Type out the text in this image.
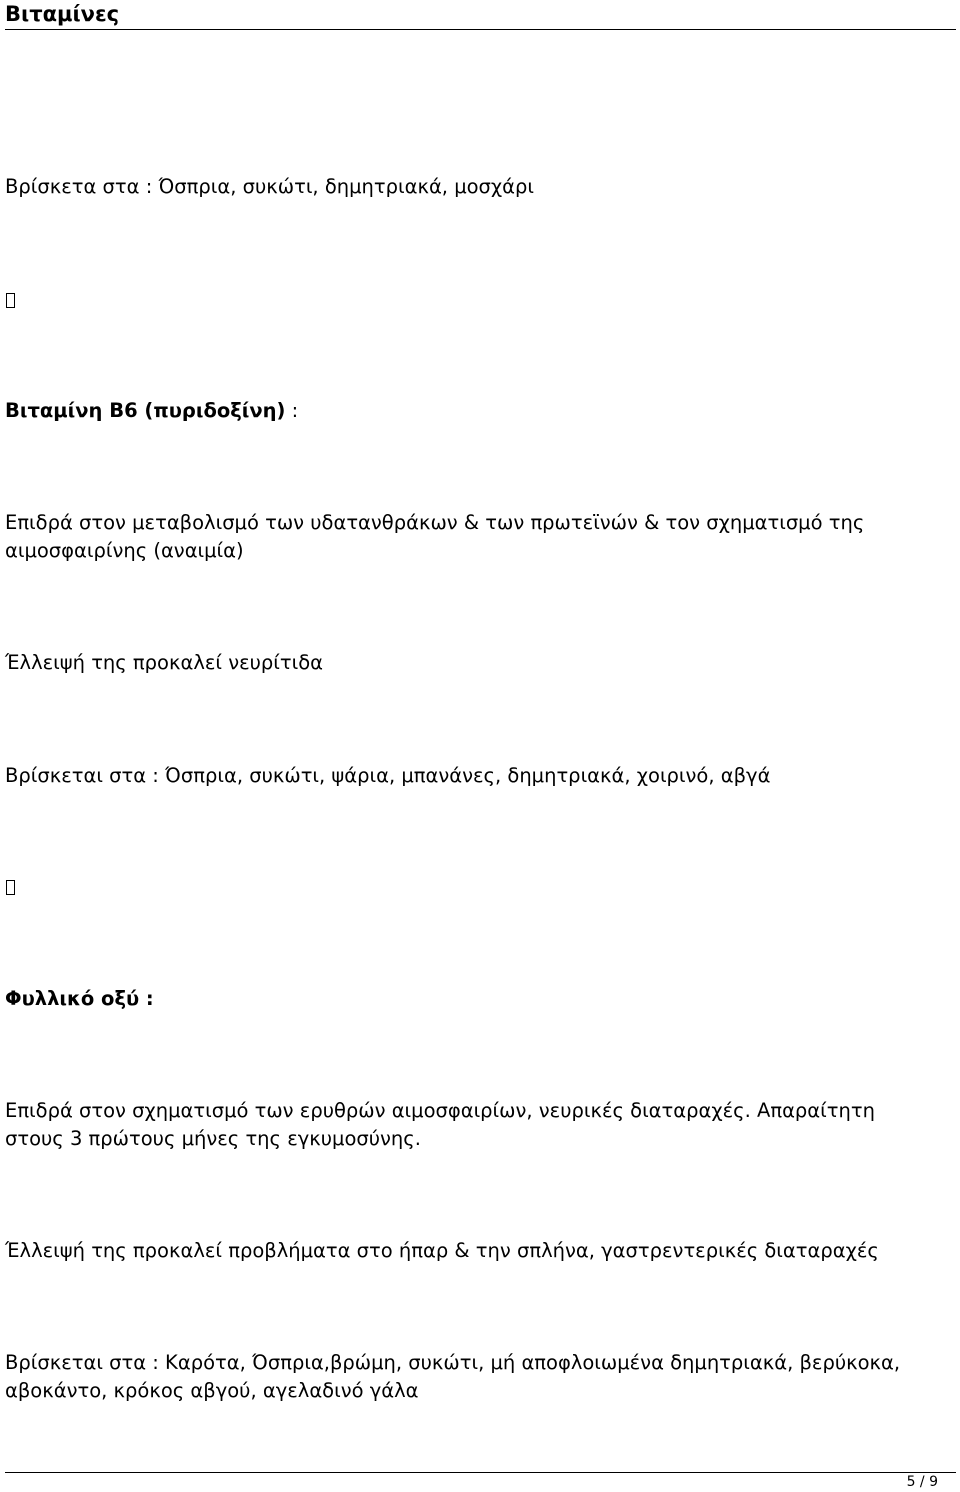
Βιταμίνες
Βρίσκετα στα : Όσπρια, συκώτι, δημητριακά, μοσχάρι
Βιταμίνη Β6 (πυριδοξίνη) :
Επιδρά στον μεταβολισμό των υδατανθράκων & των πρωτεϊνών & τον σχηματισμό της
αιμοσφαιρίνης (αναιμία)
Έλλειψή της προκαλεί νευρίτιδα
Βρίσκεται στα : Όσπρια, συκώτι, ψάρια, μπανάνες, δημητριακά, χοιρινό, αβγά
Φυλλικό οξύ :
Επιδρά στον σχηματισμό των ερυθρών αιμοσφαιρίων, νευρικές διαταραχές. Απαραίτητη
στους 3 πρώτους μήνες της εγκυμοσύνης.
Έλλειψή της προκαλεί προβλήματα στο ήπαρ & την σπλήνα, γαστρεντερικές διαταραχές
Βρίσκεται στα : Καρότα, Όσπρια,βρώμη, συκώτι, μή αποφλοιωμένα δημητριακά, βερύκοκα,
αβοκάντο, κρόκος αβγού, αγελαδινό γάλα
5 / 9
